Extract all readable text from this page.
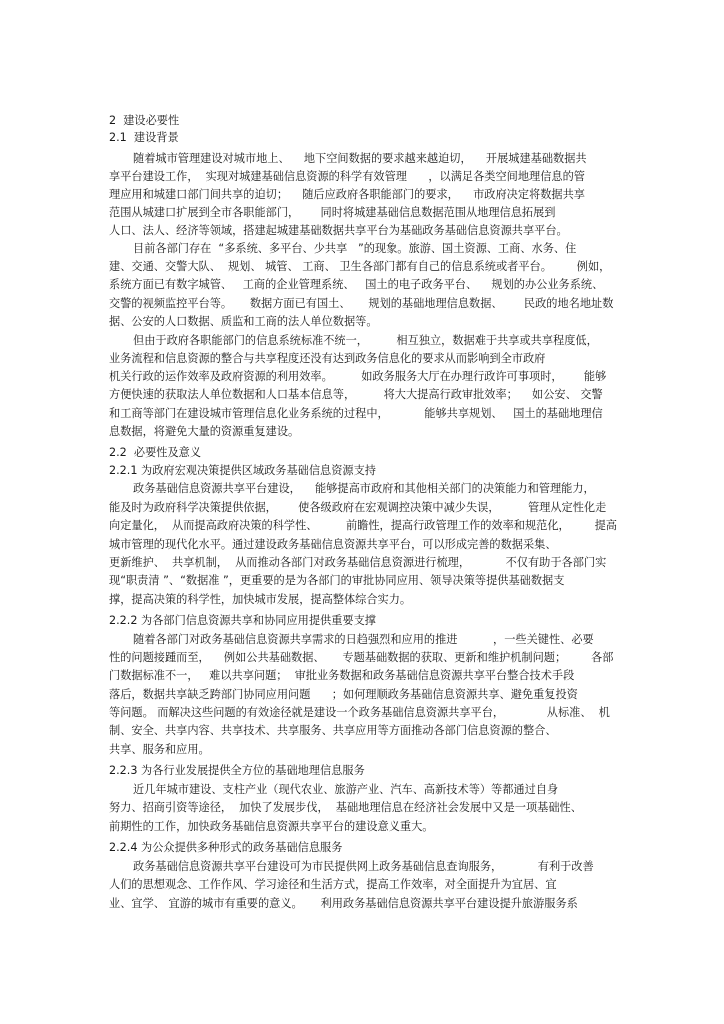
2  建设必要性
2.1  建设背景
随着城市管理建设对城市地上、    地下空间数据的要求越来越迫切，    开展城建基础数据共
享平台建设工作，  实现对城建基础信息资源的科学有效管理      ，以满足各类空间地理信息的管
理应用和城建口部门间共享的迫切；    随后应政府各职能部门的要求，    市政府决定将数据共享
范围从城建口扩展到全市各职能部门，      同时将城建基础信息数据范围从地理信息拓展到
人口、法人、经济等领域，搭建起城建基础数据共享平台为基础政务基础信息资源共享平台。
目前各部门存在  “多系统、多平台、少共享   ”的现象。旅游、国土资源、工商、水务、住
建、交通、交警大队、  规划、 城管、 工商、 卫生各部门都有自己的信息系统或者平台。       例如，
系统方面已有数字城管、   工商的企业管理系统、   国土的电子政务平台、    规划的办公业务系统、
交警的视频监控平台等。     数据方面已有国土、     规划的基础地理信息数据、      民政的地名地址数
据、公安的人口数据、质监和工商的法人单位数据等。
但由于政府各职能部门的信息系统标准不统一，        相互独立，数据难于共享或共享程度低，
业务流程和信息资源的整合与共享程度还没有达到政务信息化的要求从而影响到全市政府
机关行政的运作效率及政府资源的利用效率。        如政务服务大厅在办理行政许可事项时，      能够
方便快速的获取法人单位数据和人口基本信息等，        将大大提高行政审批效率；    如公安、 交警
和工商等部门在建设城市管理信息化业务系统的过程中，          能够共享规划、   国土的基础地理信
息数据，将避免大量的资源重复建设。
2.2  必要性及意义
2.2.1 为政府宏观决策提供区域政务基础信息资源支持
政务基础信息资源共享平台建设，    能够提高市政府和其他相关部门的决策能力和管理能力，
能及时为政府科学决策提供依据，      使各级政府在宏观调控决策中减少失误，        管理从定性化走
向定量化，  从而提高政府决策的科学性、        前瞻性，提高行政管理工作的效率和规范化，       提高
城市管理的现代化水平。通过建设政务基础信息资源共享平台，可以形成完善的数据采集、
更新维护、  共享机制，  从而推动各部门对政务基础信息资源进行梳理，          不仅有助于各部门实
现“职责清 ”、“数据准 ”，更重要的是为各部门的审批协同应用、领导决策等提供基础数据支
撑，提高决策的科学性，加快城市发展，提高整体综合实力。
2.2.2 为各部门信息资源共享和协同应用提供重要支撑
随着各部门对政务基础信息资源共享需求的日趋强烈和应用的推进          ，一些关键性、必要
性的问题接踵而至，    例如公共基础数据、     专题基础数据的获取、更新和维护机制问题；       各部
门数据标准不一，   难以共享问题；  审批业务数据和政务基础信息资源共享平台整合技术手段
落后，数据共享缺乏跨部门协同应用问题      ；如何理顺政务基础信息资源共享、避免重复投资
等问题。 而解决这些问题的有效途径就是建设一个政务基础信息资源共享平台，            从标准、  机
制、安全、共享内容、共享技术、共享服务、共享应用等方面推动各部门信息资源的整合、
共享、服务和应用。
2.2.3 为各行业发展提供全方位的基础地理信息服务
近几年城市建设、支柱产业（现代农业、旅游产业、汽车、高新技术等）等都通过自身
努力、招商引资等途径，  加快了发展步伐，  基础地理信息在经济社会发展中又是一项基础性、
前期性的工作，加快政务基础信息资源共享平台的建设意义重大。
2.2.4 为公众提供多种形式的政务基础信息服务
政务基础信息资源共享平台建设可为市民提供网上政务基础信息查询服务，          有利于改善
人们的思想观念、工作作风、学习途径和生活方式，提高工作效率，对全面提升为宜居、宜
业、宜学、 宜游的城市有重要的意义。     利用政务基础信息资源共享平台建设提升旅游服务系
